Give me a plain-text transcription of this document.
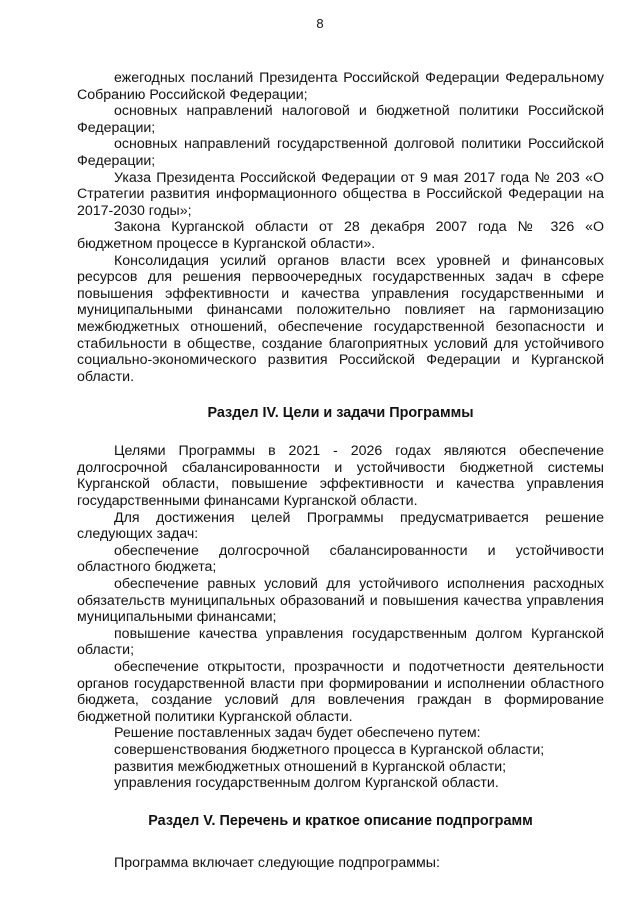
8

ежегодных посланий Президента Российской Федерации Федеральному Собранию Российской Федерации;

основных направлений налоговой и бюджетной политики Российской Федерации;

основных направлений государственной долговой политики Российской Федерации;

Указа Президента Российской Федерации от 9 мая 2017 года № 203 «О Стратегии развития информационного общества в Российской Федерации на 2017-2030 годы»;

Закона Курганской области от 28 декабря 2007 года № 326 «О бюджетном процессе в Курганской области».

Консолидация усилий органов власти всех уровней и финансовых ресурсов для решения первоочередных государственных задач в сфере повышения эффективности и качества управления государственными и муниципальными финансами положительно повлияет на гармонизацию межбюджетных отношений, обеспечение государственной безопасности и стабильности в обществе, создание благоприятных условий для устойчивого социально-экономического развития Российской Федерации и Курганской области.

Раздел IV. Цели и задачи Программы

Целями Программы в 2021 - 2026 годах являются обеспечение долгосрочной сбалансированности и устойчивости бюджетной системы Курганской области, повышение эффективности и качества управления государственными финансами Курганской области.

Для достижения целей Программы предусматривается решение следующих задач:

обеспечение долгосрочной сбалансированности и устойчивости областного бюджета;

обеспечение равных условий для устойчивого исполнения расходных обязательств муниципальных образований и повышения качества управления муниципальными финансами;

повышение качества управления государственным долгом Курганской области;

обеспечение открытости, прозрачности и подотчетности деятельности органов государственной власти при формировании и исполнении областного бюджета, создание условий для вовлечения граждан в формирование бюджетной политики Курганской области.

Решение поставленных задач будет обеспечено путем:

совершенствования бюджетного процесса в Курганской области;

развития межбюджетных отношений в Курганской области;

управления государственным долгом Курганской области.

Раздел V. Перечень и краткое описание подпрограмм

Программа включает следующие подпрограммы:
